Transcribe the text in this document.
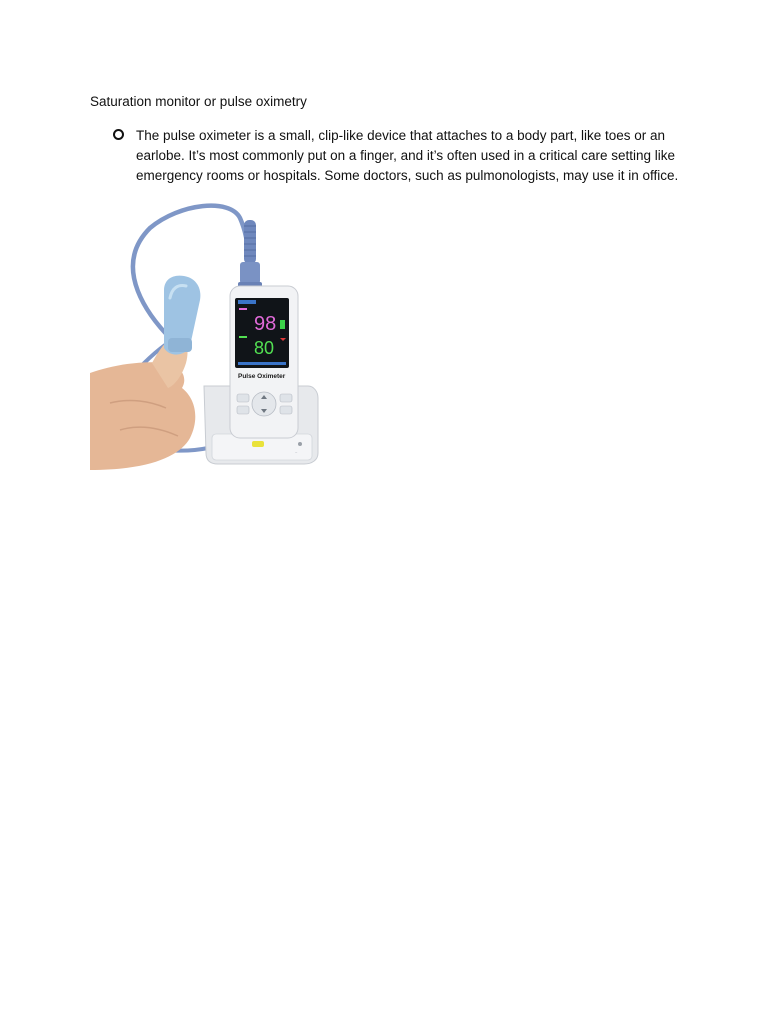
Saturation monitor or pulse oximetry
The pulse oximeter is a small, clip-like device that attaches to a body part, like toes or an
earlobe. It’s most commonly put on a finger, and it’s often used in a critical care setting like
emergency rooms or hospitals. Some doctors, such as pulmonologists, may use it in office.
~
98
80
Pulse Oximeter
